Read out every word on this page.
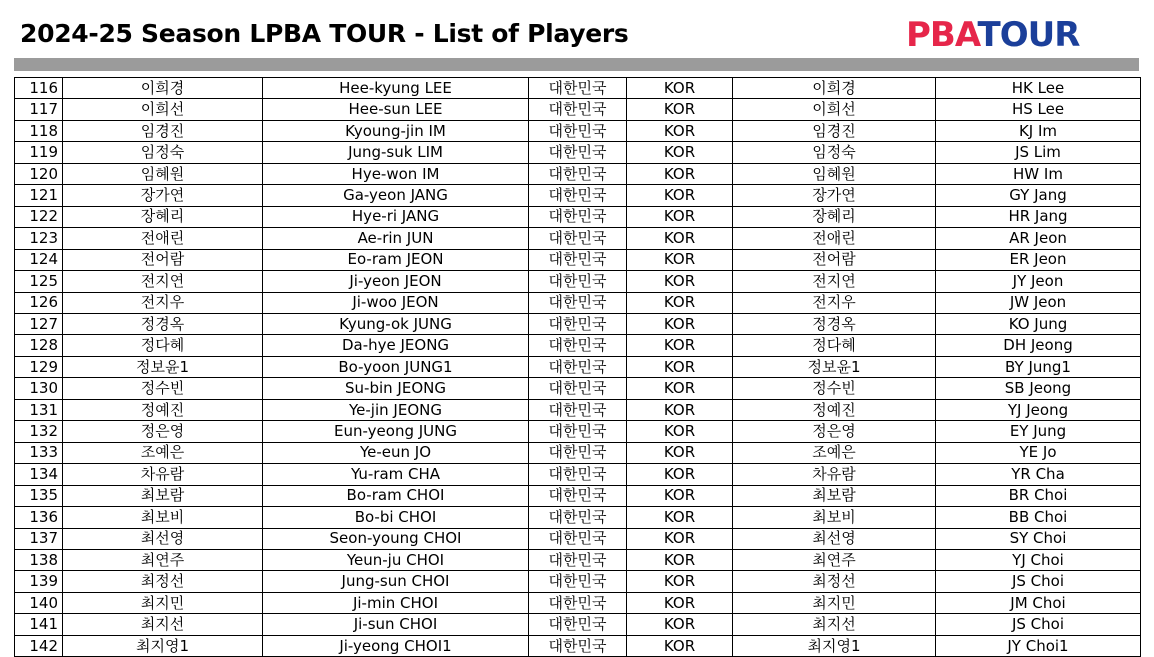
2024-25 Season LPBA TOUR - List of Players	PBATOUR
116	이희경	Hee-kyung LEE	대한민국	KOR	이희경	HK Lee
117	이희선	Hee-sun LEE	대한민국	KOR	이희선	HS Lee
118	임경진	Kyoung-jin IM	대한민국	KOR	임경진	KJ Im
119	임정숙	Jung-suk LIM	대한민국	KOR	임정숙	JS Lim
120	임혜원	Hye-won IM	대한민국	KOR	임혜원	HW Im
121	장가연	Ga-yeon JANG	대한민국	KOR	장가연	GY Jang
122	장혜리	Hye-ri JANG	대한민국	KOR	장혜리	HR Jang
123	전애린	Ae-rin JUN	대한민국	KOR	전애린	AR Jeon
124	전어람	Eo-ram JEON	대한민국	KOR	전어람	ER Jeon
125	전지연	Ji-yeon JEON	대한민국	KOR	전지연	JY Jeon
126	전지우	Ji-woo JEON	대한민국	KOR	전지우	JW Jeon
127	정경옥	Kyung-ok JUNG	대한민국	KOR	정경옥	KO Jung
128	정다혜	Da-hye JEONG	대한민국	KOR	정다혜	DH Jeong
129	정보윤1	Bo-yoon JUNG1	대한민국	KOR	정보윤1	BY Jung1
130	정수빈	Su-bin JEONG	대한민국	KOR	정수빈	SB Jeong
131	정예진	Ye-jin JEONG	대한민국	KOR	정예진	YJ Jeong
132	정은영	Eun-yeong JUNG	대한민국	KOR	정은영	EY Jung
133	조예은	Ye-eun JO	대한민국	KOR	조예은	YE Jo
134	차유람	Yu-ram CHA	대한민국	KOR	차유람	YR Cha
135	최보람	Bo-ram CHOI	대한민국	KOR	최보람	BR Choi
136	최보비	Bo-bi CHOI	대한민국	KOR	최보비	BB Choi
137	최선영	Seon-young CHOI	대한민국	KOR	최선영	SY Choi
138	최연주	Yeun-ju CHOI	대한민국	KOR	최연주	YJ Choi
139	최정선	Jung-sun CHOI	대한민국	KOR	최정선	JS Choi
140	최지민	Ji-min CHOI	대한민국	KOR	최지민	JM Choi
141	최지선	Ji-sun CHOI	대한민국	KOR	최지선	JS Choi
142	최지영1	Ji-yeong CHOI1	대한민국	KOR	최지영1	JY Choi1
